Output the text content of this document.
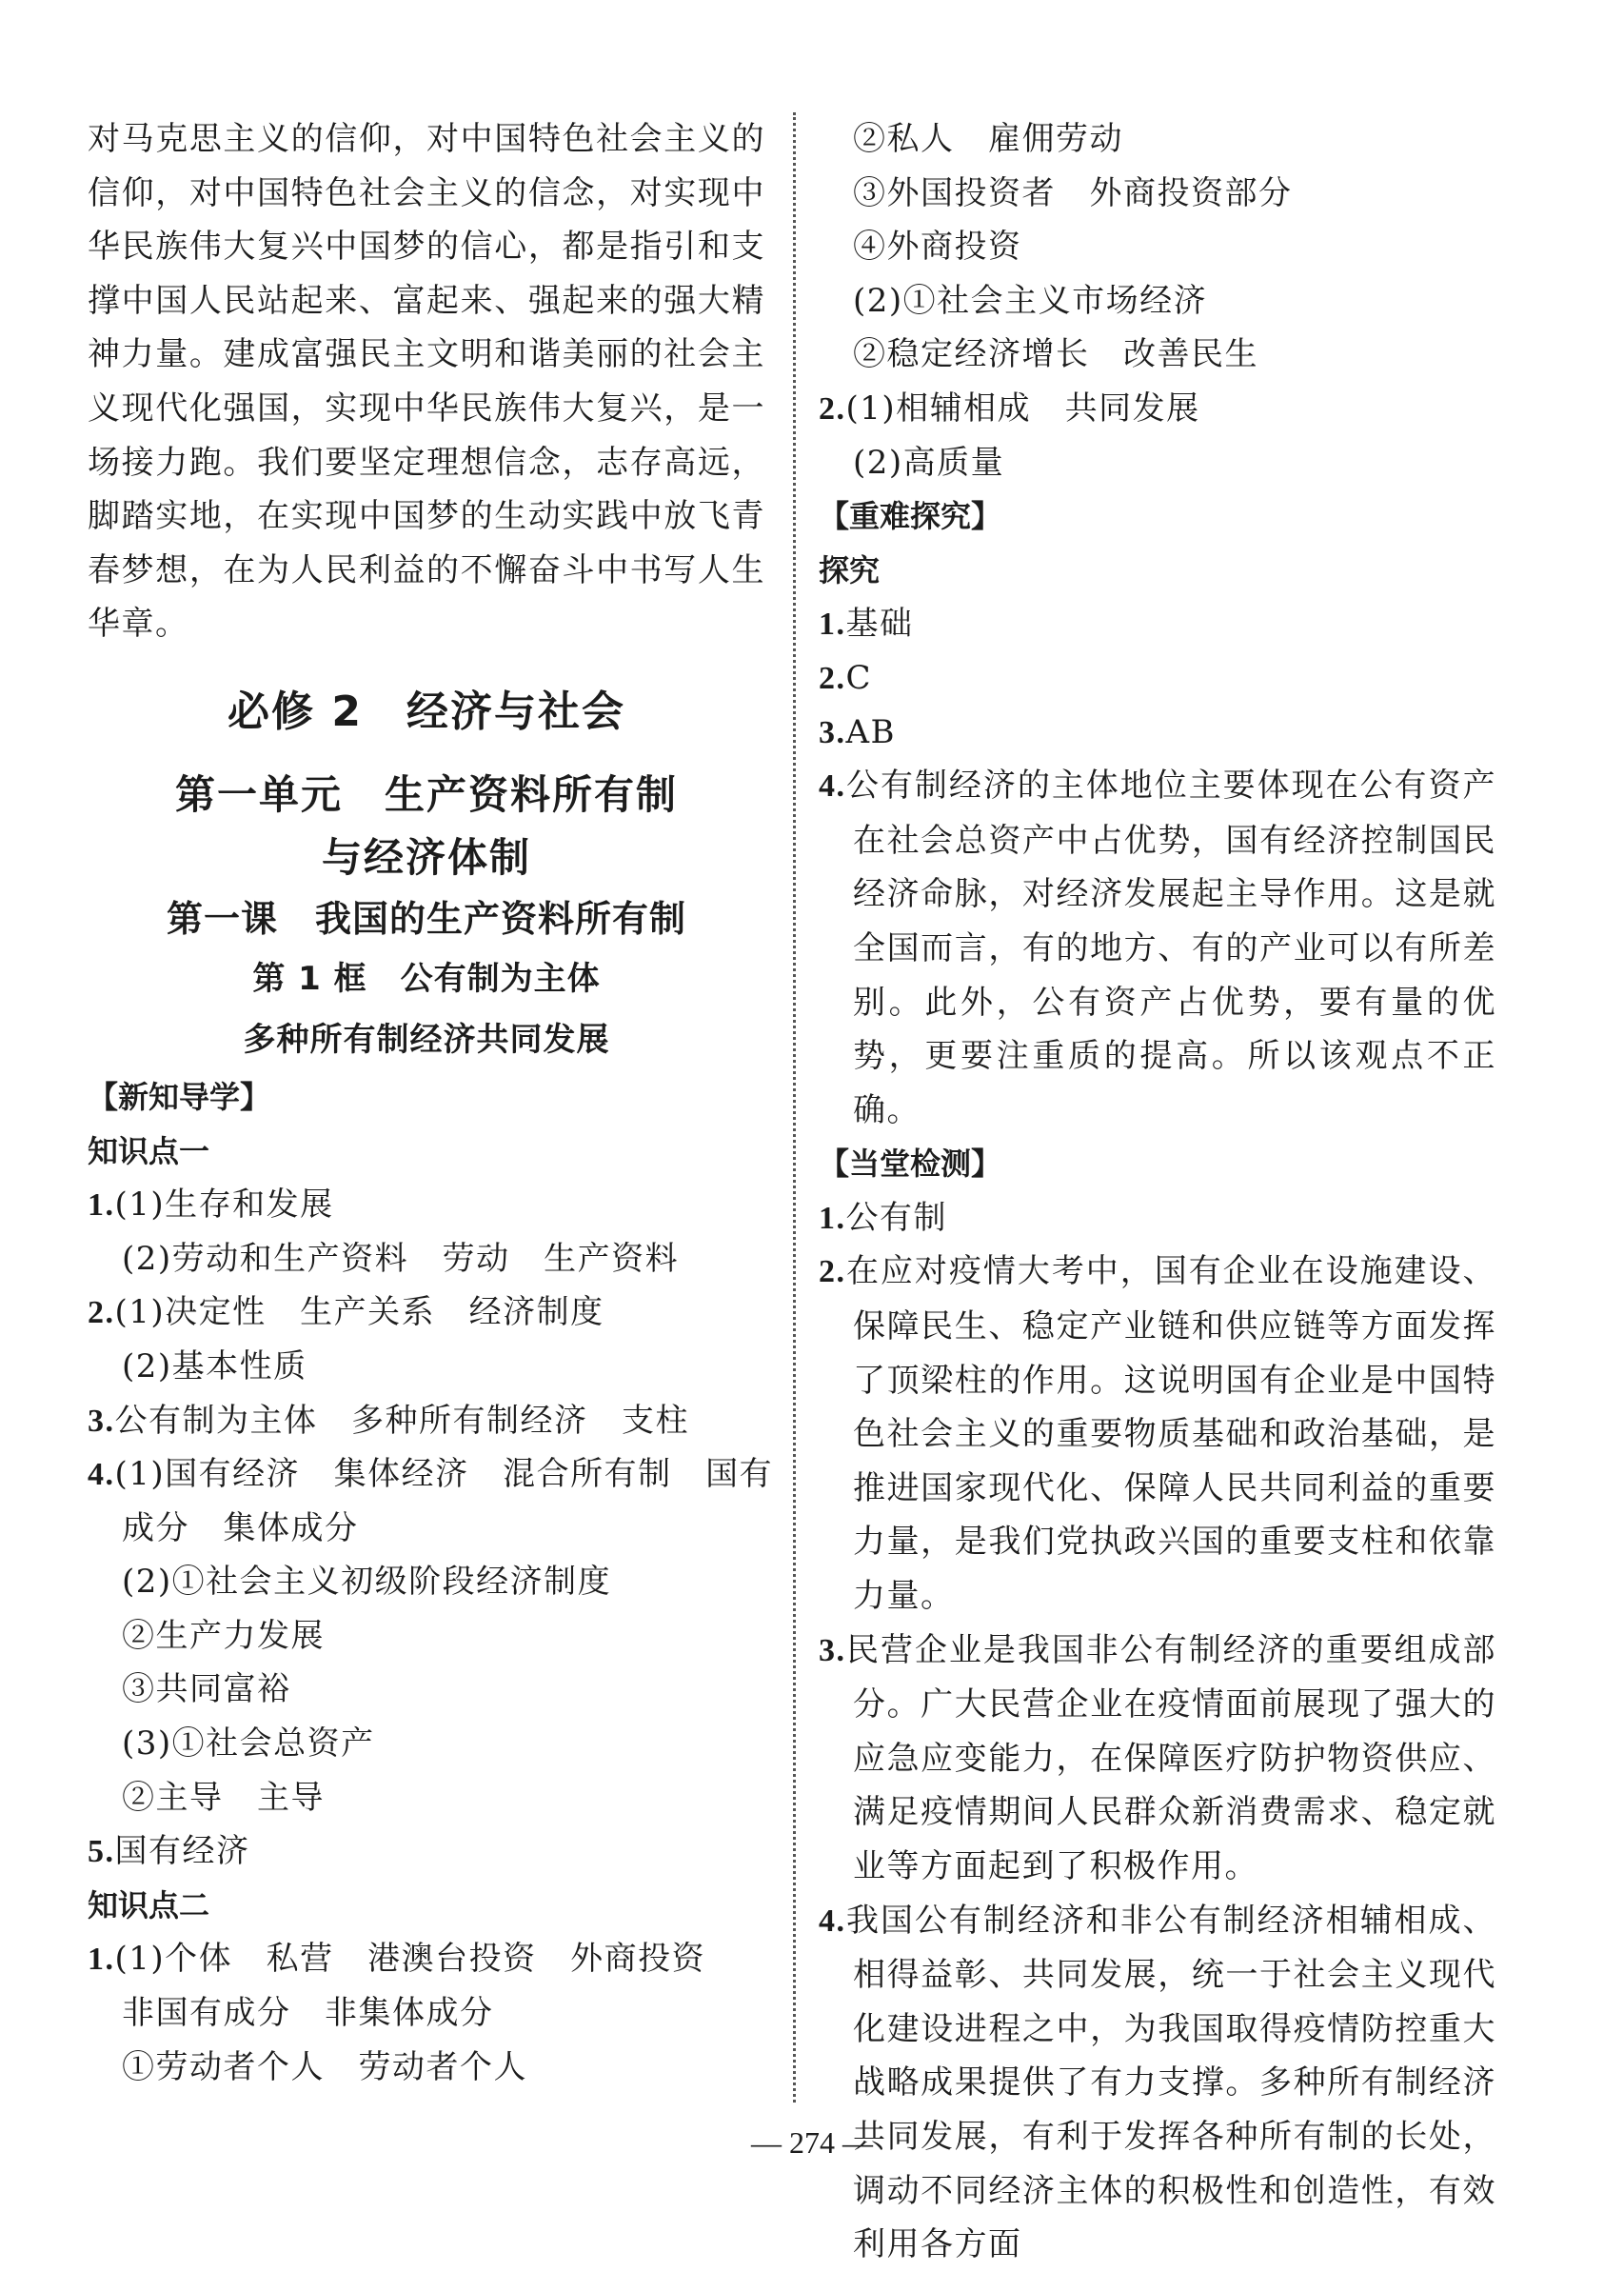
对马克思主义的信仰，对中国特色社会主义的信仰，对中国特色社会主义的信念，对实现中华民族伟大复兴中国梦的信心，都是指引和支撑中国人民站起来、富起来、强起来的强大精神力量。建成富强民主文明和谐美丽的社会主义现代化强国，实现中华民族伟大复兴，是一场接力跑。我们要坚定理想信念，志存高远，脚踏实地，在实现中国梦的生动实践中放飞青春梦想，在为人民利益的不懈奋斗中书写人生华章。

必修 2　经济与社会
第一单元　生产资料所有制
与经济体制
第一课　我国的生产资料所有制
第 1 框　公有制为主体
多种所有制经济共同发展
【新知导学】
知识点一
1.(1)生存和发展
(2)劳动和生产资料　劳动　生产资料
2.(1)决定性　生产关系　经济制度
(2)基本性质
3.公有制为主体　多种所有制经济　支柱
4.(1)国有经济　集体经济　混合所有制　国有
成分　集体成分
(2)①社会主义初级阶段经济制度
②生产力发展
③共同富裕
(3)①社会总资产
②主导　主导
5.国有经济
知识点二
1.(1)个体　私营　港澳台投资　外商投资
非国有成分　非集体成分
①劳动者个人　劳动者个人
②私人　雇佣劳动
③外国投资者　外商投资部分
④外商投资
(2)①社会主义市场经济
②稳定经济增长　改善民生
2.(1)相辅相成　共同发展
(2)高质量
【重难探究】
探究
1.基础
2.C
3.AB

4.公有制经济的主体地位主要体现在公有资产在社会总资产中占优势，国有经济控制国民经济命脉，对经济发展起主导作用。这是就全国而言，有的地方、有的产业可以有所差别。此外，公有资产占优势，要有量的优势，更要注重质的提高。所以该观点不正确。

【当堂检测】
1.公有制

2.在应对疫情大考中，国有企业在设施建设、保障民生、稳定产业链和供应链等方面发挥了顶梁柱的作用。这说明国有企业是中国特色社会主义的重要物质基础和政治基础，是推进国家现代化、保障人民共同利益的重要力量，是我们党执政兴国的重要支柱和依靠力量。

3.民营企业是我国非公有制经济的重要组成部分。广大民营企业在疫情面前展现了强大的应急应变能力，在保障医疗防护物资供应、满足疫情期间人民群众新消费需求、稳定就业等方面起到了积极作用。

4.我国公有制经济和非公有制经济相辅相成、相得益彰、共同发展，统一于社会主义现代化建设进程之中，为我国取得疫情防控重大战略成果提供了有力支撑。多种所有制经济共同发展，有利于发挥各种所有制的长处，调动不同经济主体的积极性和创造性，有效利用各方面

— 274 —
